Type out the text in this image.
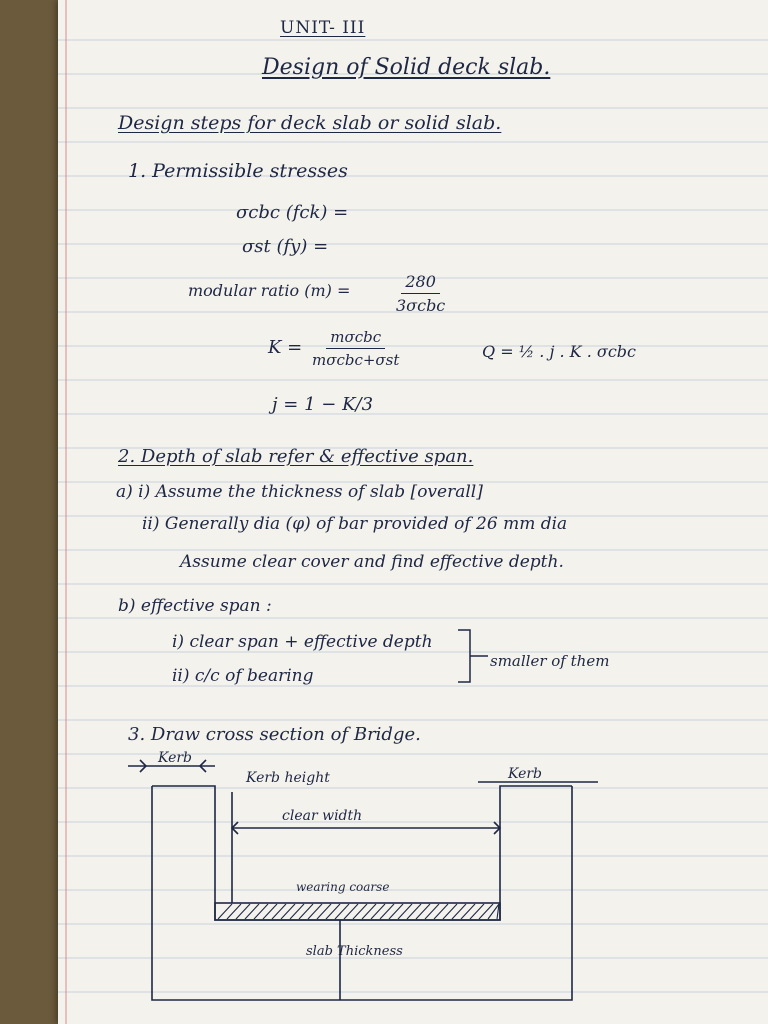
UNIT- III
Design of Solid deck slab.
Design steps for deck slab or solid slab.
1. Permissible stresses
σcbc (fck) =
σst (fy) =
modular ratio (m) =	280
3σcbc
K = mσcbc
mσcbc+σst	Q = ½ . j . K . σcbc
j = 1 − K/3
2. Depth of slab refer & effective span.
a) i) Assume the thickness of slab [overall]
ii) Generally dia (φ) of bar provided of 26 mm dia
Assume clear cover and find effective depth.
b) effective span :
i) clear span + effective depth
ii) c/c of bearing
smaller of them
3. Draw cross section of Bridge.
Kerb
Kerb
Kerb height
clear width
wearing coarse
slab Thickness
